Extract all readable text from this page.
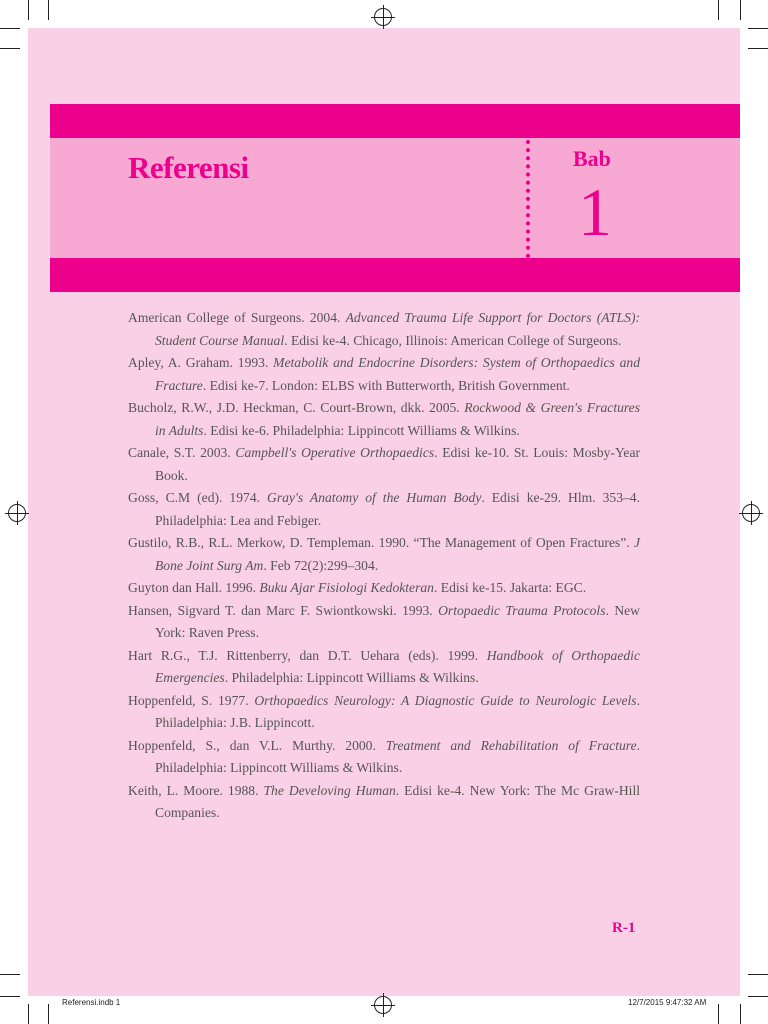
Referensi	Bab
1

American College of Surgeons. 2004. Advanced Trauma Life Support for Doctors (ATLS): Student Course Manual. Edisi ke-4. Chicago, Illinois: American College of Surgeons.

Apley, A. Graham. 1993. Metabolik and Endocrine Disorders: System of Orthopaedics and Fracture. Edisi ke-7. London: ELBS with Butterworth, British Government.

Bucholz, R.W., J.D. Heckman, C. Court-Brown, dkk. 2005. Rockwood & Green's Fractures in Adults. Edisi ke-6. Philadelphia: Lippincott Williams & Wilkins.

Canale, S.T. 2003. Campbell's Operative Orthopaedics. Edisi ke-10. St. Louis: Mosby-Year Book.

Goss, C.M (ed). 1974. Gray's Anatomy of the Human Body. Edisi ke-29. Hlm. 353–4. Philadelphia: Lea and Febiger.

Gustilo, R.B., R.L. Merkow, D. Templeman. 1990. “The Management of Open Fractures”. J Bone Joint Surg Am. Feb 72(2):299–304.

Guyton dan Hall. 1996. Buku Ajar Fisiologi Kedokteran. Edisi ke-15. Jakarta: EGC.

Hansen, Sigvard T. dan Marc F. Swiontkowski. 1993. Ortopaedic Trauma Protocols. New York: Raven Press.

Hart R.G., T.J. Rittenberry, dan D.T. Uehara (eds). 1999. Handbook of Orthopaedic Emergencies. Philadelphia: Lippincott Williams & Wilkins.

Hoppenfeld, S. 1977. Orthopaedics Neurology: A Diagnostic Guide to Neurologic Levels. Philadelphia: J.B. Lippincott.

Hoppenfeld, S., dan V.L. Murthy. 2000. Treatment and Rehabilitation of Fracture. Philadelphia: Lippincott Williams & Wilkins.

Keith, L. Moore. 1988. The Develoving Human. Edisi ke-4. New York: The Mc Graw-Hill Companies.

R-1
Referensi.indb 1	12/7/2015 9:47:32 AM
